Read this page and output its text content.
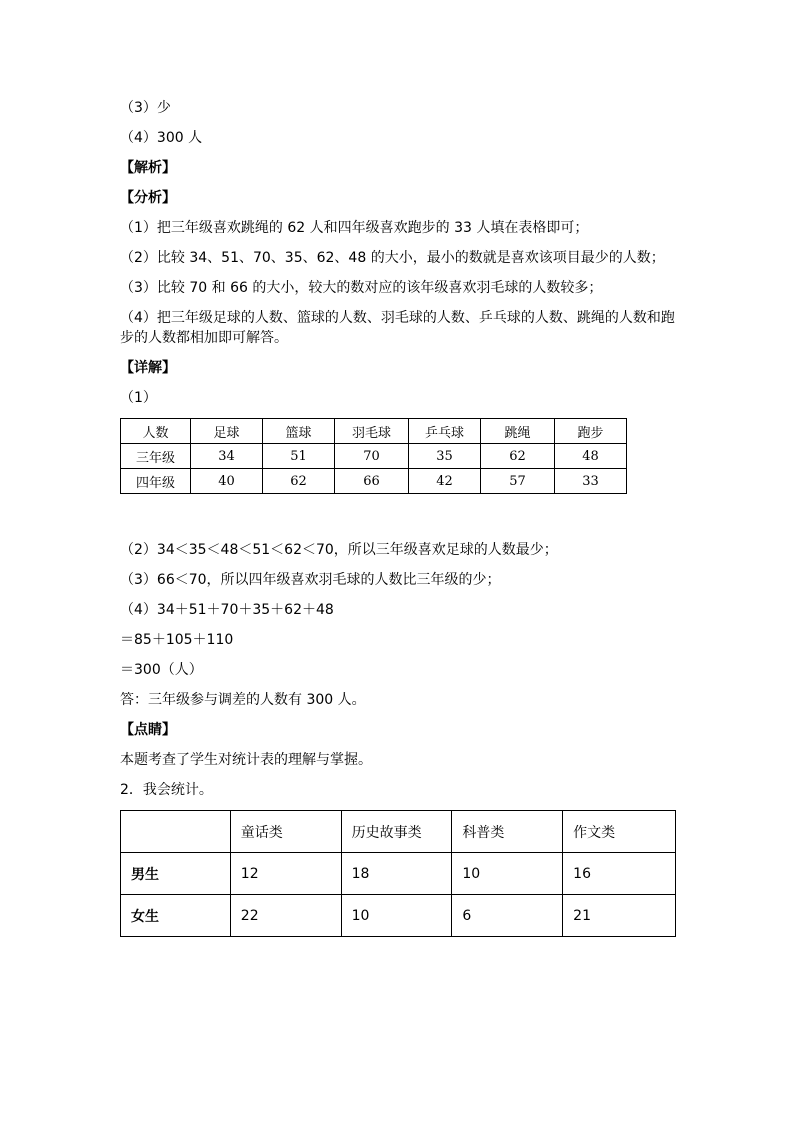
（3）少
（4）300 人
【解析】
【分析】
（1）把三年级喜欢跳绳的 62 人和四年级喜欢跑步的 33 人填在表格即可；
（2）比较 34、51、70、35、62、48 的大小，最小的数就是喜欢该项目最少的人数；
（3）比较 70 和 66 的大小，较大的数对应的该年级喜欢羽毛球的人数较多；
（4）把三年级足球的人数、篮球的人数、羽毛球的人数、乒乓球的人数、跳绳的人数和跑步的人数都相加即可解答。
【详解】
（1）
人数	足球	篮球	羽毛球	乒乓球	跳绳	跑步
三年级	34	51	70	35	62	48
四年级	40	62	66	42	57	33
（2）34＜35＜48＜51＜62＜70，所以三年级喜欢足球的人数最少；
（3）66＜70，所以四年级喜欢羽毛球的人数比三年级的少；
（4）34＋51＋70＋35＋62＋48
＝85＋105＋110
＝300（人）
答：三年级参与调差的人数有 300 人。
【点睛】
本题考查了学生对统计表的理解与掌握。
2．我会统计。
	童话类	历史故事类	科普类	作文类
男生	12	18	10	16
女生	22	10	6	21
